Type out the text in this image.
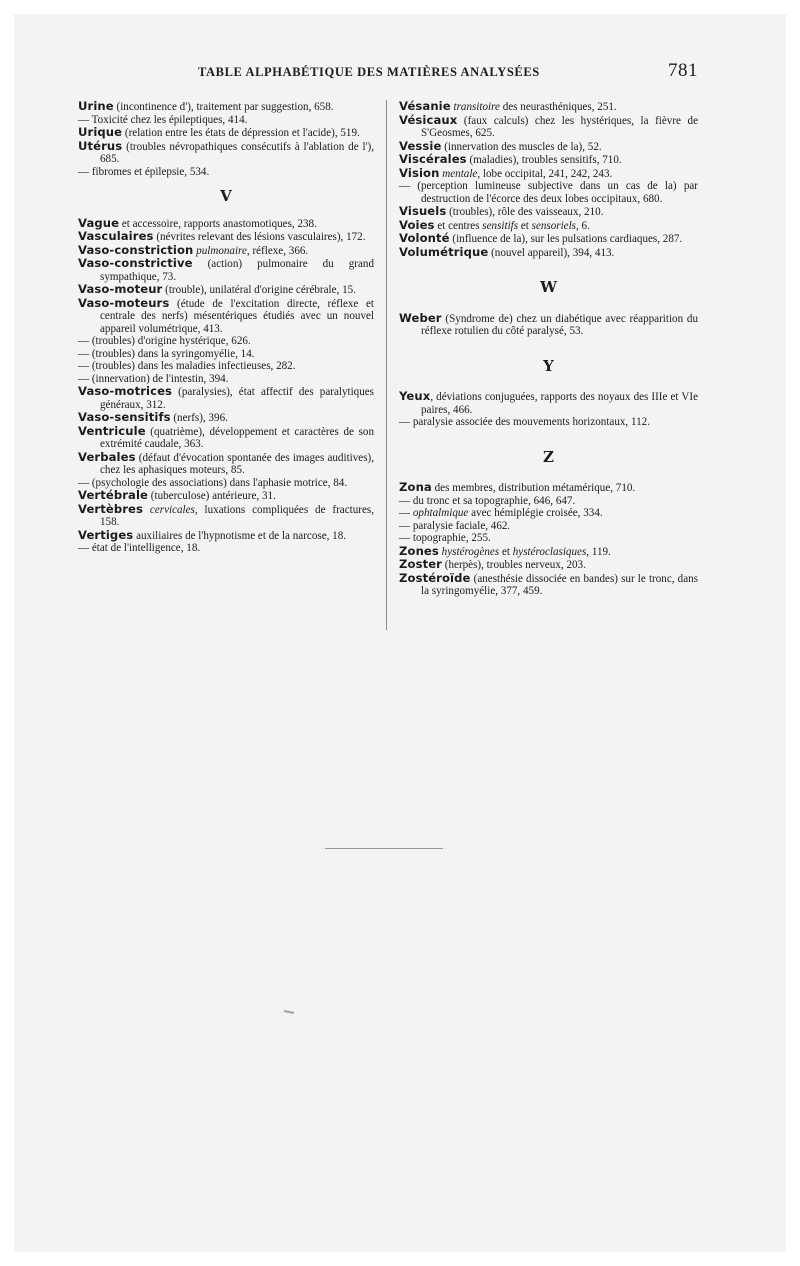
TABLE ALPHABÉTIQUE DES MATIÈRES ANALYSÉES	781
Urine (incontinence d'), traitement par suggestion, 658.
— Toxicité chez les épileptiques, 414.
Urique (relation entre les états de dépression et l'acide), 519.
Utérus (troubles névropathiques consécutifs à l'ablation de l'), 685.
— fibromes et épilepsie, 534.
V
Vague et accessoire, rapports anastomotiques, 238.
Vasculaires (névrites relevant des lésions vasculaires), 172.
Vaso-constriction pulmonaire, réflexe, 366.
Vaso-constrictive (action) pulmonaire du grand sympathique, 73.
Vaso-moteur (trouble), unilatéral d'origine cérébrale, 15.
Vaso-moteurs (étude de l'excitation directe, réflexe et centrale des nerfs) mésentériques étudiés avec un nouvel appareil volumétrique, 413.
— (troubles) d'origine hystérique, 626.
— (troubles) dans la syringomyélie, 14.
— (troubles) dans les maladies infectieuses, 282.
— (innervation) de l'intestin, 394.
Vaso-motrices (paralysies), état affectif des paralytiques généraux, 312.
Vaso-sensitifs (nerfs), 396.
Ventricule (quatrième), développement et caractères de son extrémité caudale, 363.
Verbales (défaut d'évocation spontanée des images auditives), chez les aphasiques moteurs, 85.
— (psychologie des associations) dans l'aphasie motrice, 84.
Vertébrale (tuberculose) antérieure, 31.
Vertèbres cervicales, luxations compliquées de fractures, 158.
Vertiges auxiliaires de l'hypnotisme et de la narcose, 18.
— état de l'intelligence, 18.
Vésanie transitoire des neurasthéniques, 251.
Vésicaux (faux calculs) chez les hystériques, la fièvre de S'Geosmes, 625.
Vessie (innervation des muscles de la), 52.
Viscérales (maladies), troubles sensitifs, 710.
Vision mentale, lobe occipital, 241, 242, 243.
— (perception lumineuse subjective dans un cas de la) par destruction de l'écorce des deux lobes occipitaux, 680.
Visuels (troubles), rôle des vaisseaux, 210.
Voies et centres sensitifs et sensoriels, 6.
Volonté (influence de la), sur les pulsations cardiaques, 287.
Volumétrique (nouvel appareil), 394, 413.
W
Weber (Syndrome de) chez un diabétique avec réapparition du réflexe rotulien du côté paralysé, 53.
Y
Yeux, déviations conjuguées, rapports des noyaux des IIIe et VIe paires, 466.
— paralysie associée des mouvements horizontaux, 112.
Z
Zona des membres, distribution métamérique, 710.
— du tronc et sa topographie, 646, 647.
— ophtalmique avec hémiplégie croisée, 334.
— paralysie faciale, 462.
— topographie, 255.
Zones hystérogènes et hystéroclasiques, 119.
Zoster (herpès), troubles nerveux, 203.
Zostéroïde (anesthésie dissociée en bandes) sur le tronc, dans la syringomyélie, 377, 459.
